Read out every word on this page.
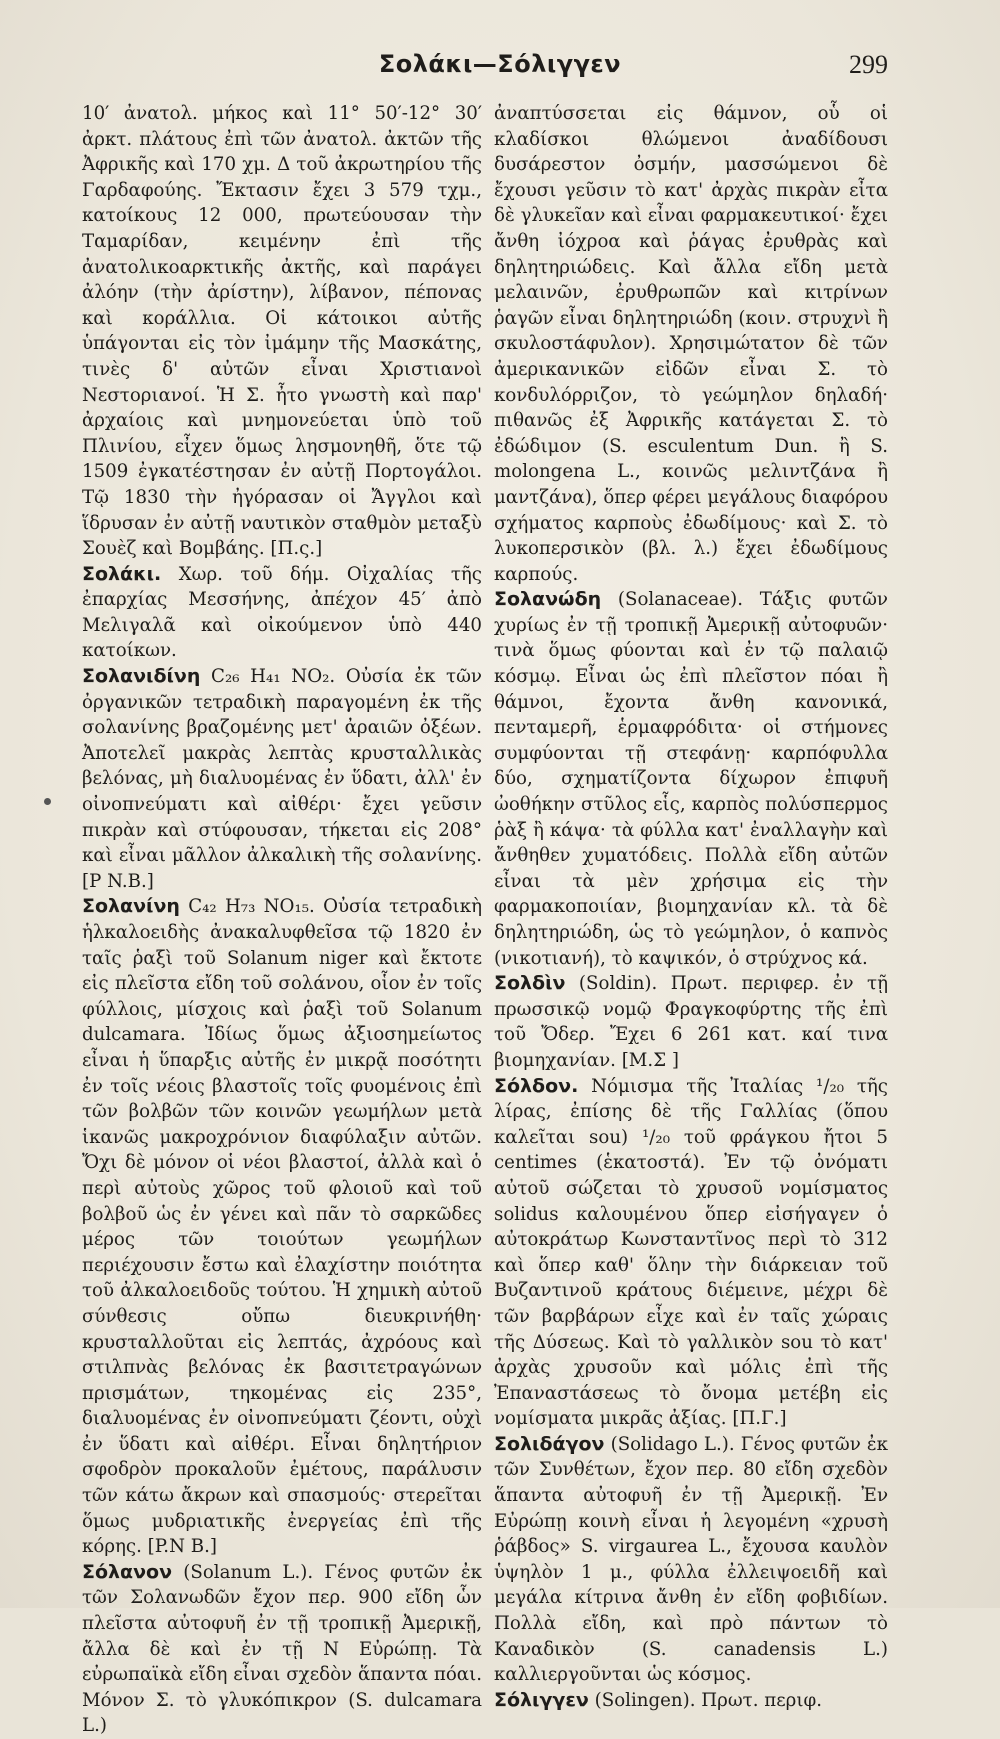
Σολάκι—Σόλιγγεν	299

10′ ἀνατολ. μήκος καὶ 11° 50′-12° 30′ ἀρκτ. πλάτους ἐπὶ τῶν ἀνατολ. ἀκτῶν τῆς Ἀφρικῆς καὶ 170 χμ. Δ τοῦ ἀκρωτηρίου τῆς Γαρδαφούης. Ἔκτασιν ἔχει 3 579 τχμ., κατοίκους 12 000, πρωτεύουσαν τὴν Ταμαρίδαν, κειμένην ἐπὶ τῆς ἀνατολικοαρκτικῆς ἀκτῆς, καὶ παράγει ἀλόην (τὴν ἀρίστην), λίβανον, πέπονας καὶ κοράλλια. Οἱ κάτοικοι αὐτῆς ὑπάγονται εἰς τὸν ἰμάμην τῆς Μασκάτης, τινὲς δ' αὐτῶν εἶναι Χριστιανοὶ Νεστοριανοί. Ἡ Σ. ἦτο γνωστὴ καὶ παρ' ἀρχαίοις καὶ μνημονεύεται ὑπὸ τοῦ Πλινίου, εἶχεν ὅμως λησμονηθῆ, ὅτε τῷ 1509 ἐγκατέστησαν ἐν αὐτῇ Πορτογάλοι. Τῷ 1830 τὴν ἠγόρασαν οἱ Ἄγγλοι καὶ ἵδρυσαν ἐν αὐτῇ ναυτικὸν σταθμὸν μεταξὺ Σουὲζ καὶ Βομβάης. [Π.ς.]

Σολάκι. Χωρ. τοῦ δήμ. Οἰχαλίας τῆς ἐπαρχίας Μεσσήνης, ἀπέχον 45′ ἀπὸ Μελιγαλᾶ καὶ οἰκούμενον ὑπὸ 440 κατοίκων.

Σολανιδίνη C₂₆ H₄₁ NO₂. Οὐσία ἐκ τῶν ὀργανικῶν τετραδικὴ παραγομένη ἐκ τῆς σολανίνης βραζομένης μετ' ἀραιῶν ὀξέων. Ἀποτελεῖ μακρὰς λεπτὰς κρυσταλλικὰς βελόνας, μὴ διαλυομένας ἐν ὕδατι, ἀλλ' ἐν οἰνοπνεύματι καὶ αἰθέρι· ἔχει γεῦσιν πικρὰν καὶ στύφουσαν, τήκεται εἰς 208° καὶ εἶναι μᾶλλον ἀλκαλικὴ τῆς σολανίνης. [P N.B.]

Σολανίνη C₄₂ H₇₃ NO₁₅. Οὐσία τετραδικὴ ἡλκαλοειδὴς ἀνακαλυφθεῖσα τῷ 1820 ἐν ταῖς ῥαξὶ τοῦ Solanum niger καὶ ἔκτοτε εἰς πλεῖστα εἴδη τοῦ σολάνου, οἷον ἐν τοῖς φύλλοις, μίσχοις καὶ ῥαξὶ τοῦ Solanum dulcamara. Ἰδίως ὅμως ἀξιοσημείωτος εἶναι ἡ ὕπαρξις αὐτῆς ἐν μικρᾷ ποσότητι ἐν τοῖς νέοις βλαστοῖς τοῖς φυομένοις ἐπὶ τῶν βολβῶν τῶν κοινῶν γεωμήλων μετὰ ἱκανῶς μακροχρόνιον διαφύλαξιν αὐτῶν. Ὄχι δὲ μόνον οἱ νέοι βλαστοί, ἀλλὰ καὶ ὁ περὶ αὐτοὺς χῶρος τοῦ φλοιοῦ καὶ τοῦ βολβοῦ ὡς ἐν γένει καὶ πᾶν τὸ σαρκῶδες μέρος τῶν τοιούτων γεωμήλων περιέχουσιν ἔστω καὶ ἐλαχίστην ποιότητα τοῦ ἀλκαλοειδοῦς τούτου. Ἡ χημικὴ αὐτοῦ σύνθεσις οὔπω διευκρινήθη· κρυσταλλοῦται εἰς λεπτάς, ἀχρόους καὶ στιλπνὰς βελόνας ἐκ βασιτετραγώνων πρισμάτων, τηκομένας εἰς 235°, διαλυομένας ἐν οἰνοπνεύματι ζέοντι, οὐχὶ ἐν ὕδατι καὶ αἰθέρι. Εἶναι δηλητήριον σφοδρὸν προκαλοῦν ἐμέτους, παράλυσιν τῶν κάτω ἄκρων καὶ σπασμούς· στερεῖται ὅμως μυδριατικῆς ἐνεργείας ἐπὶ τῆς κόρης. [P.N B.]

Σόλανον (Solanum L.). Γένος φυτῶν ἐκ τῶν Σολανωδῶν ἔχον περ. 900 εἴδη ὧν πλεῖστα αὐτοφυῆ ἐν τῇ τροπικῇ Ἀμερικῇ, ἄλλα δὲ καὶ ἐν τῇ Ν Εὐρώπῃ. Τὰ εὐρωπαϊκὰ εἴδη εἶναι σχεδὸν ἅπαντα πόαι. Μόνον Σ. τὸ γλυκόπικρον (S. dulcamara L.)

ἀναπτύσσεται εἰς θάμνον, οὗ οἱ κλαδίσκοι θλώμενοι ἀναδίδουσι δυσάρεστον ὀσμήν, μασσώμενοι δὲ ἔχουσι γεῦσιν τὸ κατ' ἀρχὰς πικρὰν εἶτα δὲ γλυκεῖαν καὶ εἶναι φαρμακευτικοί· ἔχει ἄνθη ἰόχροα καὶ ῥάγας ἐρυθρὰς καὶ δηλητηριώδεις. Καὶ ἄλλα εἴδη μετὰ μελαινῶν, ἐρυθρωπῶν καὶ κιτρίνων ῥαγῶν εἶναι δηλητηριώδη (κοιν. στρυχνὶ ἢ σκυλοστάφυλον). Χρησιμώτατον δὲ τῶν ἀμερικανικῶν εἰδῶν εἶναι Σ. τὸ κονδυλόρριζον, τὸ γεώμηλον δηλαδή· πιθανῶς ἐξ Ἀφρικῆς κατάγεται Σ. τὸ ἐδώδιμον (S. esculentum Dun. ἢ S. molongena L., κοινῶς μελιντζάνα ἢ μαντζάνα), ὅπερ φέρει μεγάλους διαφόρου σχήματος καρποὺς ἐδωδίμους· καὶ Σ. τὸ λυκοπερσικὸν (βλ. λ.) ἔχει ἐδωδίμους καρπούς.

Σολανώδη (Solanaceae). Τάξις φυτῶν χυρίως ἐν τῇ τροπικῇ Ἀμερικῇ αὐτοφυῶν· τινὰ ὅμως φύονται καὶ ἐν τῷ παλαιῷ κόσμῳ. Εἶναι ὡς ἐπὶ πλεῖστον πόαι ἢ θάμνοι, ἔχοντα ἄνθη κανονικά, πενταμερῆ, ἑρμαφρόδιτα· οἱ στήμονες συμφύονται τῇ στεφάνῃ· καρπόφυλλα δύο, σχηματίζοντα δίχωρον ἐπιφυῆ ὠοθήκην στῦλος εἷς, καρπὸς πολύσπερμος ῥὰξ ἢ κάψα· τὰ φύλλα κατ' ἐναλλαγὴν καὶ ἄνθηθεν χυματόδεις. Πολλὰ εἴδη αὐτῶν εἶναι τὰ μὲν χρήσιμα εἰς τὴν φαρμακοποιίαν, βιομηχανίαν κλ. τὰ δὲ δηλητηριώδη, ὡς τὸ γεώμηλον, ὁ καπνὸς (νικοτιανή), τὸ καψικόν, ὁ στρύχνος κά.

Σολδὶν (Soldin). Πρωτ. περιφερ. ἐν τῇ πρωσσικῷ νομῷ Φραγκοφύρτης τῆς ἐπὶ τοῦ Ὄδερ. Ἔχει 6 261 κατ. καί τινα βιομηχανίαν. [Μ.Σ ]

Σόλδον. Νόμισμα τῆς Ἰταλίας ¹/₂₀ τῆς λίρας, ἐπίσης δὲ τῆς Γαλλίας (ὅπου καλεῖται sou) ¹/₂₀ τοῦ φράγκου ἤτοι 5 centimes (ἑκατοστά). Ἐν τῷ ὀνόματι αὐτοῦ σώζεται τὸ χρυσοῦ νομίσματος solidus καλουμένου ὅπερ εἰσήγαγεν ὁ αὐτοκράτωρ Κωνσταντῖνος περὶ τὸ 312 καὶ ὅπερ καθ' ὅλην τὴν διάρκειαν τοῦ Βυζαντινοῦ κράτους διέμεινε, μέχρι δὲ τῶν βαρβάρων εἶχε καὶ ἐν ταῖς χώραις τῆς Δύσεως. Καὶ τὸ γαλλικὸν sou τὸ κατ' ἀρχὰς χρυσοῦν καὶ μόλις ἐπὶ τῆς Ἐπαναστάσεως τὸ ὄνομα μετέβη εἰς νομίσματα μικρᾶς ἀξίας. [Π.Γ.]

Σολιδάγον (Solidago L.). Γένος φυτῶν ἐκ τῶν Συνθέτων, ἔχον περ. 80 εἴδη σχεδὸν ἅπαντα αὐτοφυῆ ἐν τῇ Ἀμερικῇ. Ἐν Εὐρώπῃ κοινὴ εἶναι ἡ λεγομένη «χρυσὴ ῥάβδος» S. virgaurea L., ἔχουσα καυλὸν ὑψηλὸν 1 μ., φύλλα ἐλλειψοειδῆ καὶ μεγάλα κίτρινα ἄνθη ἐν εἴδη φοβιδίων. Πολλὰ εἴδη, καὶ πρὸ πάντων τὸ Καναδικὸν (S. canadensis L.) καλλιεργοῦνται ὡς κόσμος.

Σόλιγγεν (Solingen). Πρωτ. περιφ.
